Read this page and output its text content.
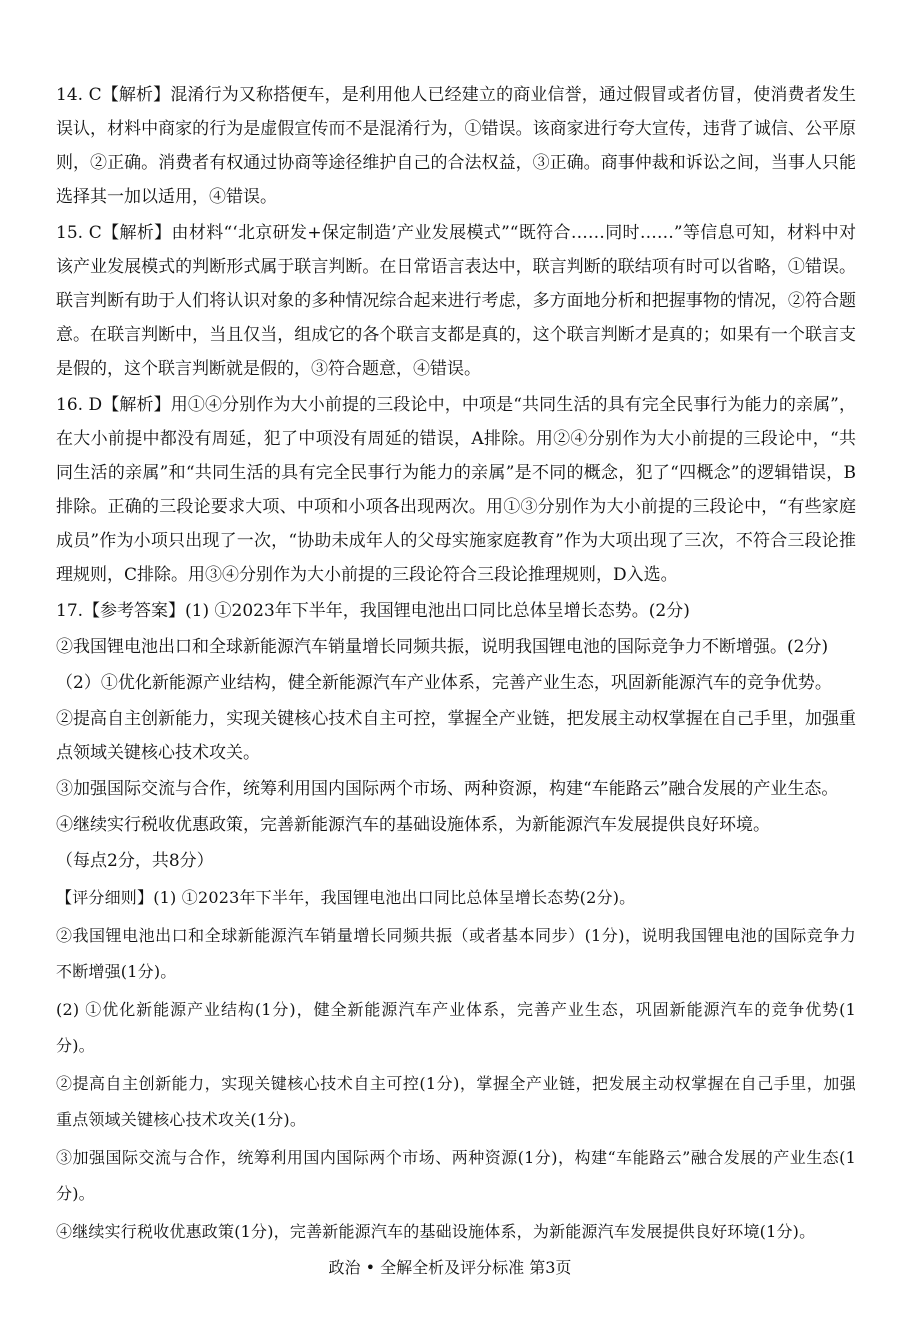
14. C【解析】混淆行为又称搭便车，是利用他人已经建立的商业信誉，通过假冒或者仿冒，使消费者发生误认，材料中商家的行为是虚假宣传而不是混淆行为，①错误。该商家进行夸大宣传，违背了诚信、公平原则，②正确。消费者有权通过协商等途径维护自己的合法权益，③正确。商事仲裁和诉讼之间，当事人只能选择其一加以适用，④错误。

15. C【解析】由材料“‘北京研发+保定制造’产业发展模式”“既符合……同时……”等信息可知，材料中对该产业发展模式的判断形式属于联言判断。在日常语言表达中，联言判断的联结项有时可以省略，①错误。联言判断有助于人们将认识对象的多种情况综合起来进行考虑，多方面地分析和把握事物的情况，②符合题意。在联言判断中，当且仅当，组成它的各个联言支都是真的，这个联言判断才是真的；如果有一个联言支是假的，这个联言判断就是假的，③符合题意，④错误。

16. D【解析】用①④分别作为大小前提的三段论中，中项是“共同生活的具有完全民事行为能力的亲属”，在大小前提中都没有周延，犯了中项没有周延的错误，A排除。用②④分别作为大小前提的三段论中，“共同生活的亲属”和“共同生活的具有完全民事行为能力的亲属”是不同的概念，犯了“四概念”的逻辑错误，B排除。正确的三段论要求大项、中项和小项各出现两次。用①③分别作为大小前提的三段论中，“有些家庭成员”作为小项只出现了一次，“协助未成年人的父母实施家庭教育”作为大项出现了三次，不符合三段论推理规则，C排除。用③④分别作为大小前提的三段论符合三段论推理规则，D入选。

17.【参考答案】(1) ①2023年下半年，我国锂电池出口同比总体呈增长态势。(2分)

②我国锂电池出口和全球新能源汽车销量增长同频共振，说明我国锂电池的国际竞争力不断增强。(2分)

（2）①优化新能源产业结构，健全新能源汽车产业体系，完善产业生态，巩固新能源汽车的竞争优势。

②提高自主创新能力，实现关键核心技术自主可控，掌握全产业链，把发展主动权掌握在自己手里，加强重点领域关键核心技术攻关。

③加强国际交流与合作，统筹利用国内国际两个市场、两种资源，构建“车能路云”融合发展的产业生态。

④继续实行税收优惠政策，完善新能源汽车的基础设施体系，为新能源汽车发展提供良好环境。

（每点2分，共8分）

【评分细则】(1) ①2023年下半年，我国锂电池出口同比总体呈增长态势(2分)。

②我国锂电池出口和全球新能源汽车销量增长同频共振（或者基本同步）(1分)，说明我国锂电池的国际竞争力不断增强(1分)。

(2) ①优化新能源产业结构(1分)，健全新能源汽车产业体系，完善产业生态，巩固新能源汽车的竞争优势(1分)。

②提高自主创新能力，实现关键核心技术自主可控(1分)，掌握全产业链，把发展主动权掌握在自己手里，加强重点领域关键核心技术攻关(1分)。

③加强国际交流与合作，统筹利用国内国际两个市场、两种资源(1分)，构建“车能路云”融合发展的产业生态(1分)。

④继续实行税收优惠政策(1分)，完善新能源汽车的基础设施体系，为新能源汽车发展提供良好环境(1分)。

政治 • 全解全析及评分标准 第3页
